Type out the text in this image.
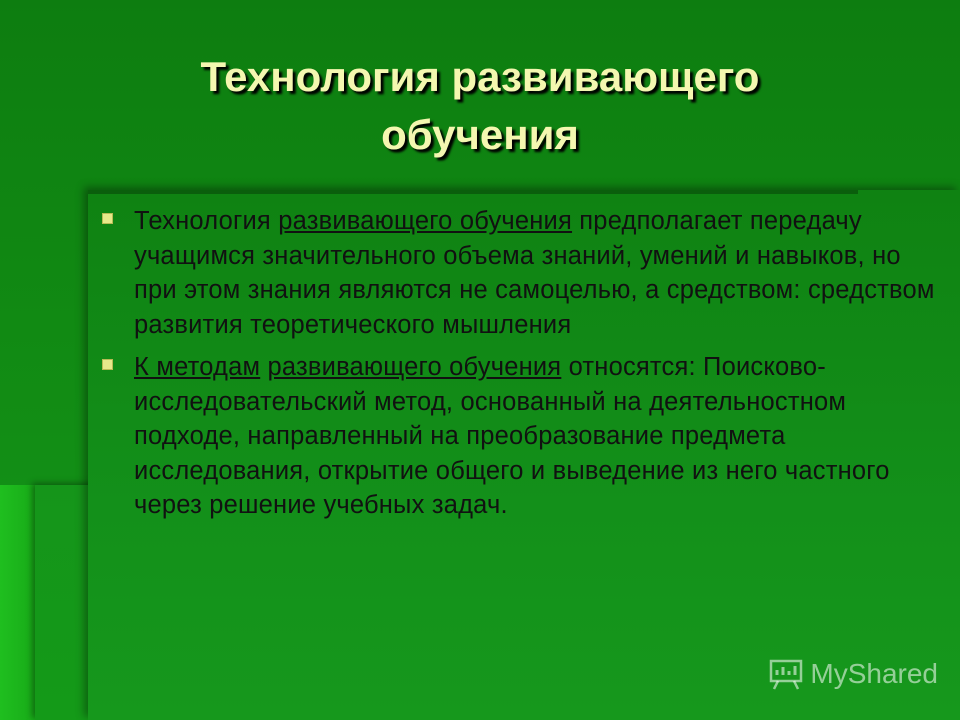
Технология развивающего
обучения
Технология развивающего обучения предполагает передачу учащимся значительного объема знаний, умений и навыков, но при этом знания являются не самоцелью, а средством: средством развития теоретического мышления
К методам развивающего обучения относятся: Поисково-исследовательский метод, основанный на деятельностном подходе, направленный на преобразование предмета исследования, открытие общего и выведение из него частного через решение учебных задач.
MyShared
